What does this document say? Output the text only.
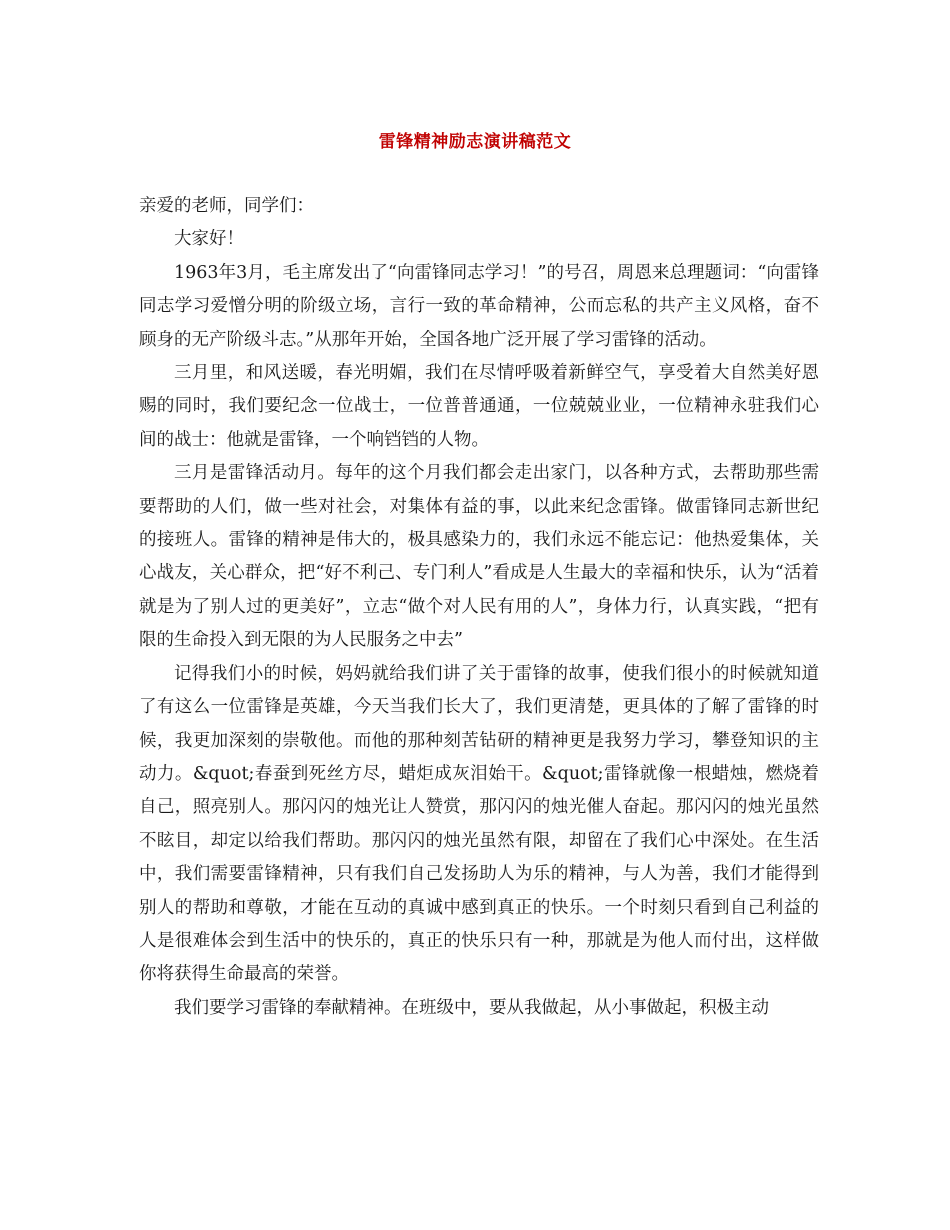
雷锋精神励志演讲稿范文

亲爱的老师，同学们：

大家好！

1963年3月，毛主席发出了“向雷锋同志学习！”的号召，周恩来总理题词：“向雷锋同志学习爱憎分明的阶级立场，言行一致的革命精神，公而忘私的共产主义风格，奋不顾身的无产阶级斗志。”从那年开始，全国各地广泛开展了学习雷锋的活动。

三月里，和风送暖，春光明媚，我们在尽情呼吸着新鲜空气，享受着大自然美好恩赐的同时，我们要纪念一位战士，一位普普通通，一位兢兢业业，一位精神永驻我们心间的战士：他就是雷锋，一个响铛铛的人物。

三月是雷锋活动月。每年的这个月我们都会走出家门，以各种方式，去帮助那些需要帮助的人们，做一些对社会，对集体有益的事，以此来纪念雷锋。做雷锋同志新世纪的接班人。雷锋的精神是伟大的，极具感染力的，我们永远不能忘记：他热爱集体，关心战友，关心群众，把“好不利己、专门利人”看成是人生最大的幸福和快乐，认为“活着就是为了别人过的更美好”，立志“做个对人民有用的人”，身体力行，认真实践，“把有限的生命投入到无限的为人民服务之中去”

记得我们小的时候，妈妈就给我们讲了关于雷锋的故事，使我们很小的时候就知道了有这么一位雷锋是英雄，今天当我们长大了，我们更清楚，更具体的了解了雷锋的时候，我更加深刻的崇敬他。而他的那种刻苦钻研的精神更是我努力学习，攀登知识的主动力。&quot;春蚕到死丝方尽，蜡炬成灰泪始干。&quot;雷锋就像一根蜡烛，燃烧着自己，照亮别人。那闪闪的烛光让人赞赏，那闪闪的烛光催人奋起。那闪闪的烛光虽然不眩目，却定以给我们帮助。那闪闪的烛光虽然有限，却留在了我们心中深处。在生活中，我们需要雷锋精神，只有我们自己发扬助人为乐的精神，与人为善，我们才能得到别人的帮助和尊敬，才能在互动的真诚中感到真正的快乐。一个时刻只看到自己利益的人是很难体会到生活中的快乐的，真正的快乐只有一种，那就是为他人而付出，这样做你将获得生命最高的荣誉。

我们要学习雷锋的奉献精神。在班级中，要从我做起，从小事做起，积极主动
